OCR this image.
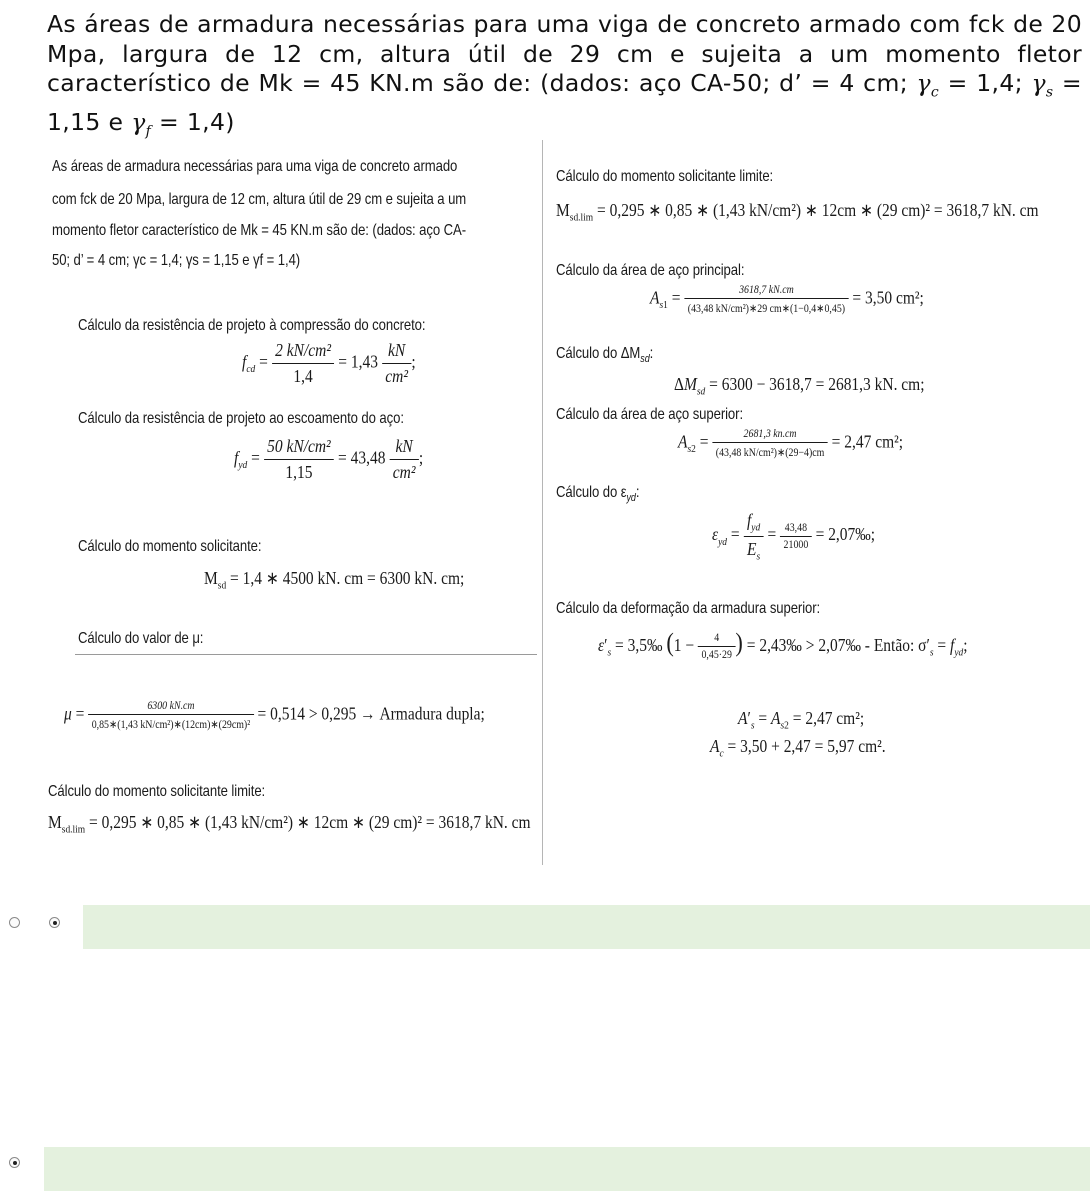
As áreas de armadura necessárias para uma viga de concreto armado com fck de 20 Mpa, largura de 12 cm, altura útil de 29 cm e sujeita a um momento fletor característico de Mk = 45 KN.m são de: (dados: aço CA-50; d’ = 4 cm; $\gamma_c = 1,4$; $\gamma_s = 1,15$ e $\gamma_f = 1,4$)
As áreas de armadura necessárias para uma viga de concreto armado
com fck de 20 Mpa, largura de 12 cm, altura útil de 29 cm e sujeita a um
momento fletor característico de Mk = 45 KN.m são de: (dados: aço CA-
50; d’ = 4 cm; γc = 1,4; γs = 1,15 e γf = 1,4)
Cálculo da resistência de projeto à compressão do concreto:
$f_{cd} = \frac{\text{2 kN/cm²}}{1,4} = 1,43 \frac{kN}{\text{cm²}}$ ;
Cálculo da resistência de projeto ao escoamento do aço:
$f_{yd} = \frac{\text{50 kN/cm²}}{1,15} = 43,48 \frac{kN}{\text{cm²}}$ ;
Cálculo do momento solicitante:
$M_{sd} = 1,4$ ∗ 4500 kN. cm = 6300 kN. cm;
Cálculo do valor de μ:
$\mu = \frac{6300 kN.cm}{\text{0,85∗(1,43 kN/cm²)∗(12cm)∗(29cm)²}} = 0,514 > 0,295$ → Armadura dupla;
Cálculo do momento solicitante limite:
$M_{sd.lim} = 0,295$ ∗ 0,85 ∗ (1,43 kN/cm²) ∗ 12cm ∗ (29 cm)² = 3618,7 kN. cm
Cálculo do momento solicitante limite:
$M_{sd.lim} = 0,295$ ∗ 0,85 ∗ (1,43 kN/cm²) ∗ 12cm ∗ (29 cm)² = 3618,7 kN. cm
Cálculo da área de aço principal:
$A_{s1} = \frac{3618,7 kN.cm}{\text{(43,48 kN/cm²)∗29 cm∗(1−0,4∗0,45)}} = 3,50$ cm²;
Cálculo do $\Delta M_{sd}$:
$\Delta M_{sd} = 6300 - 3618,7 = 2681,3$ kN. cm;
Cálculo da área de aço superior:
$A_{s2} = \frac{2681,3 kn.cm}{\text{(43,48 kN/cm²)∗(29−4)cm}} = 2,47$ cm²;
Cálculo do $\varepsilon_{yd}$:
$\varepsilon_{yd} = \frac{f_{yd}}{E_s} = \frac{43,48}{21000}$ = 2,07‰;
Cálculo da deformação da armadura superior:
$\varepsilon'_s$ = 3,5‰ ($1 - \frac{4}{0,45\cdot 29}$ ) = 2,43‰ > 2,07‰ - Então: $\sigma'_s = f_{yd}$;
$A'_s = A_{s2} = 2,47$ cm²;
$A_c = 3,50 + 2,47 = 5,97$ cm².
